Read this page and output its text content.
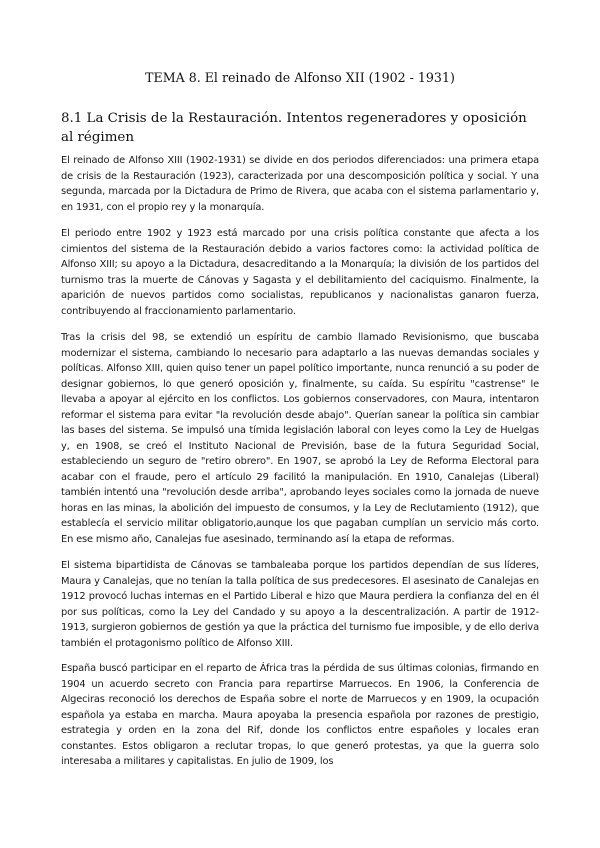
TEMA 8. El reinado de Alfonso XII (1902 - 1931)
8.1 La Crisis de la Restauración. Intentos regeneradores y oposición al régimen

El reinado de Alfonso XIII (1902-1931) se divide en dos periodos diferenciados: una primera etapa de crisis de la Restauración (1923), caracterizada por una descomposición política y social. Y una segunda, marcada por la Dictadura de Primo de Rivera, que acaba con el sistema parlamentario y, en 1931, con el propio rey y la monarquía.

El periodo entre 1902 y 1923 está marcado por una crisis política constante que afecta a los cimientos del sistema de la Restauración debido a varios factores como: la actividad política de Alfonso XIII; su apoyo a la Dictadura, desacreditando a la Monarquía; la división de los partidos del turnismo tras la muerte de Cánovas y Sagasta y el debilitamiento del caciquismo. Finalmente, la aparición de nuevos partidos como socialistas, republicanos y nacionalistas ganaron fuerza, contribuyendo al fraccionamiento parlamentario.

Tras la crisis del 98, se extendió un espíritu de cambio llamado Revisionismo, que buscaba modernizar el sistema, cambiando lo necesario para adaptarlo a las nuevas demandas sociales y políticas. Alfonso XIII, quien quiso tener un papel político importante, nunca renunció a su poder de designar gobiernos, lo que generó oposición y, finalmente, su caída. Su espíritu "castrense" le llevaba a apoyar al ejército en los conflictos. Los gobiernos conservadores, con Maura, intentaron reformar el sistema para evitar "la revolución desde abajo". Querían sanear la política sin cambiar las bases del sistema. Se impulsó una tímida legislación laboral con leyes como la Ley de Huelgas y, en 1908, se creó el Instituto Nacional de Previsión, base de la futura Seguridad Social, estableciendo un seguro de "retiro obrero". En 1907, se aprobó la Ley de Reforma Electoral para acabar con el fraude, pero el artículo 29 facilitó la manipulación. En 1910, Canalejas (Liberal) también intentó una "revolución desde arriba", aprobando leyes sociales como la jornada de nueve horas en las minas, la abolición del impuesto de consumos, y la Ley de Reclutamiento (1912), que establecía el servicio militar obligatorio,aunque los que pagaban cumplían un servicio más corto. En ese mismo año, Canalejas fue asesinado, terminando así la etapa de reformas.

El sistema bipartidista de Cánovas se tambaleaba porque los partidos dependían de sus líderes, Maura y Canalejas, que no tenían la talla política de sus predecesores. El asesinato de Canalejas en 1912 provocó luchas internas en el Partido Liberal e hizo que Maura perdiera la confianza del en él por sus políticas, como la Ley del Candado y su apoyo a la descentralización. A partir de 1912-1913, surgieron gobiernos de gestión ya que la práctica del turnismo fue imposible, y de ello deriva también el protagonismo político de Alfonso XIII.

España buscó participar en el reparto de África tras la pérdida de sus últimas colonias, firmando en 1904 un acuerdo secreto con Francia para repartirse Marruecos. En 1906, la Conferencia de Algeciras reconoció los derechos de España sobre el norte de Marruecos y en 1909, la ocupación española ya estaba en marcha. Maura apoyaba la presencia española por razones de prestigio, estrategia y orden en la zona del Rif, donde los conflictos entre españoles y locales eran constantes. Estos obligaron a reclutar tropas, lo que generó protestas, ya que la guerra solo interesaba a militares y capitalistas. En julio de 1909, los
